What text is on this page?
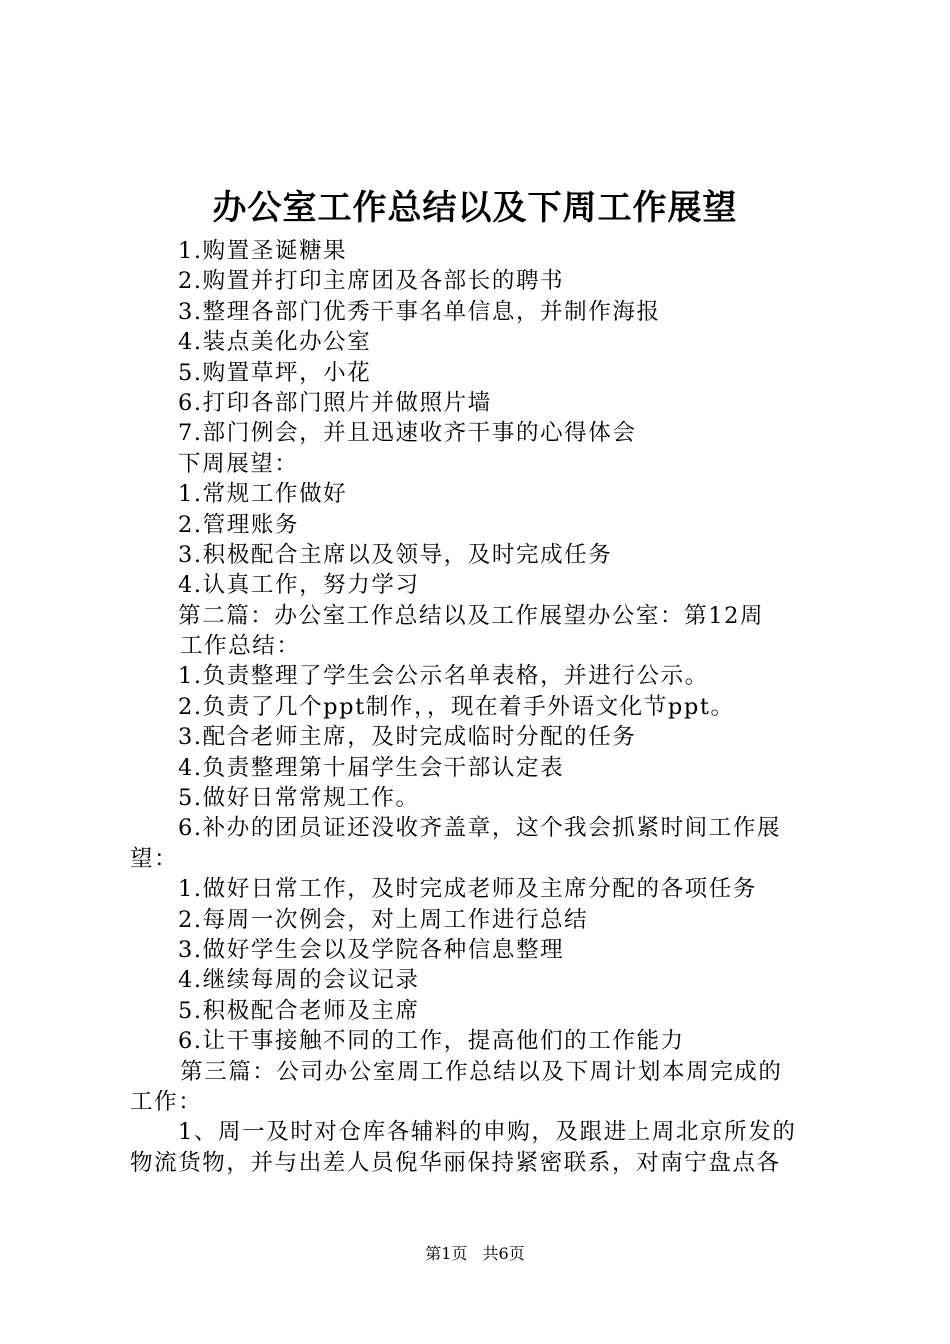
办公室工作总结以及下周工作展望
1.购置圣诞糖果
2.购置并打印主席团及各部长的聘书
3.整理各部门优秀干事名单信息，并制作海报
4.装点美化办公室
5.购置草坪，小花
6.打印各部门照片并做照片墙
7.部门例会，并且迅速收齐干事的心得体会
下周展望：
1.常规工作做好
2.管理账务
3.积极配合主席以及领导，及时完成任务
4.认真工作，努力学习
第二篇：办公室工作总结以及工作展望办公室：第12周
工作总结：
1.负责整理了学生会公示名单表格，并进行公示。
2.负责了几个ppt制作，，现在着手外语文化节ppt。
3.配合老师主席，及时完成临时分配的任务
4.负责整理第十届学生会干部认定表
5.做好日常常规工作。
6.补办的团员证还没收齐盖章，这个我会抓紧时间工作展
望：
1.做好日常工作，及时完成老师及主席分配的各项任务
2.每周一次例会，对上周工作进行总结
3.做好学生会以及学院各种信息整理
4.继续每周的会议记录
5.积极配合老师及主席
6.让干事接触不同的工作，提高他们的工作能力
第三篇：公司办公室周工作总结以及下周计划本周完成的
工作：
1、周一及时对仓库各辅料的申购，及跟进上周北京所发的
物流货物，并与出差人员倪华丽保持紧密联系，对南宁盘点各
第1页 共6页
